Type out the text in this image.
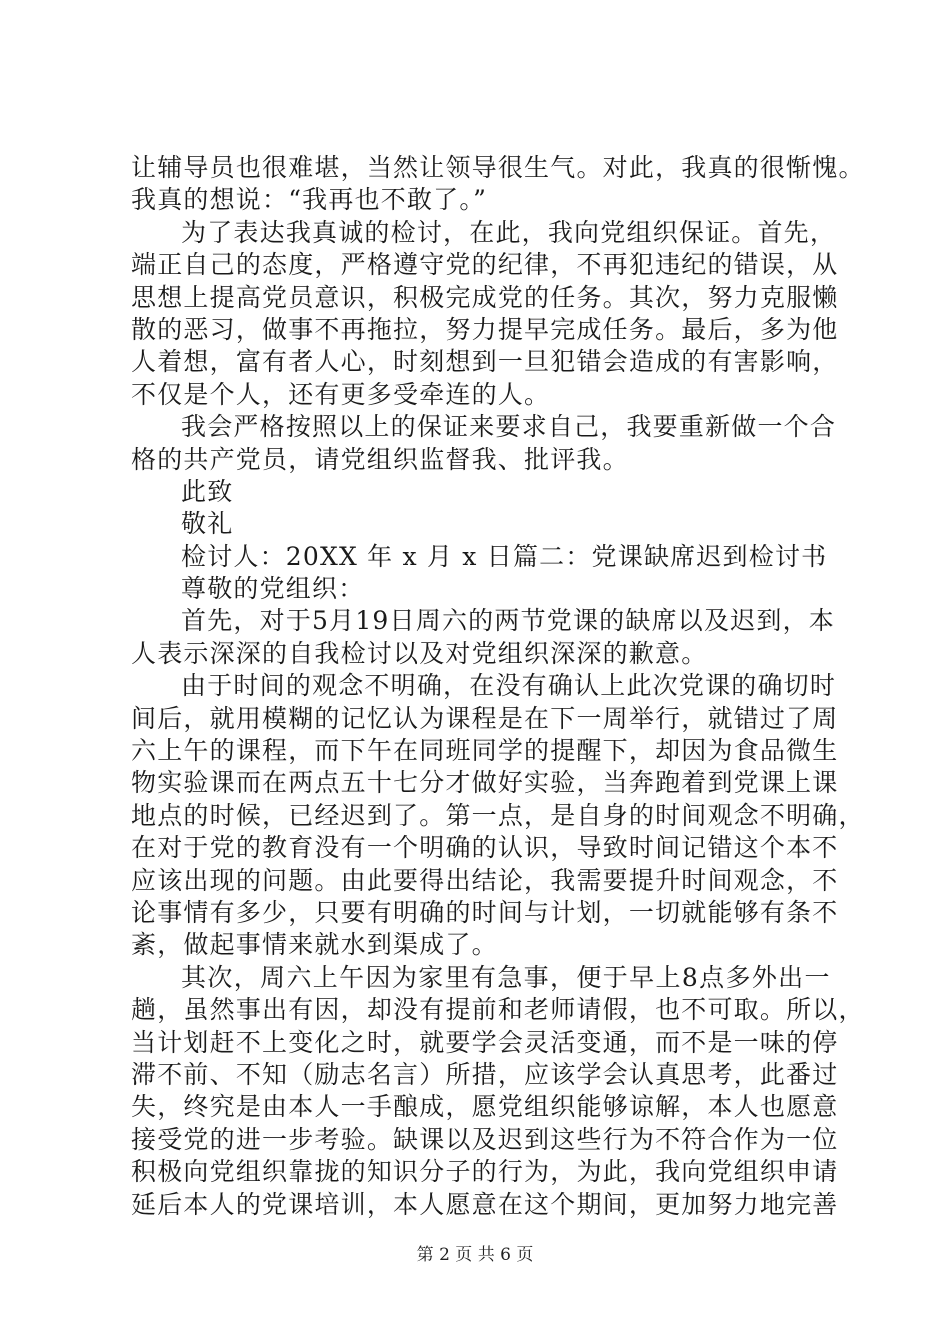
让 辅 导 员 也 很 难 堪 ， 当 然 让 领 导 很 生 气 。 对 此 ， 我 真 的 很 惭 愧 。
我真的想说：“我再也不敢了。”
为 了 表 达 我 真 诚 的 检 讨 ， 在 此 ， 我 向 党 组 织 保 证 。 首 先 ，
端 正 自 己 的 态 度 ， 严 格 遵 守 党 的 纪 律 ， 不 再 犯 违 纪 的 错 误 ， 从
思 想 上 提 高 党 员 意 识 ， 积 极 完 成 党 的 任 务 。 其 次 ， 努 力 克 服 懒
散 的 恶 习 ， 做 事 不 再 拖 拉 ， 努 力 提 早 完 成 任 务 。 最 后 ， 多 为 他
人 着 想 ， 富 有 者 人 心 ， 时 刻 想 到 一 旦 犯 错 会 造 成 的 有 害 影 响 ，
不仅是个人，还有更多受牵连的人。
我 会 严 格 按 照 以 上 的 保 证 来 要 求 自 己 ， 我 要 重 新 做 一 个 合
格的共产党员，请党组织监督我、批评我。
此致
敬礼
检讨人：20XX 年 x 月 x 日篇二：党课缺席迟到检讨书
尊敬的党组织：
首 先 ， 对 于 5 月 19 日 周 六 的 两 节 党 课 的 缺 席 以 及 迟 到 ， 本
人表示深深的自我检讨以及对党组织深深的歉意。
由 于 时 间 的 观 念 不 明 确 ， 在 没 有 确 认 上 此 次 党 课 的 确 切 时
间 后 ， 就 用 模 糊 的 记 忆 认 为 课 程 是 在 下 一 周 举 行 ， 就 错 过 了 周
六 上 午 的 课 程 ， 而 下 午 在 同 班 同 学 的 提 醒 下 ， 却 因 为 食 品 微 生
物 实 验 课 而 在 两 点 五 十 七 分 才 做 好 实 验 ， 当 奔 跑 着 到 党 课 上 课
地 点 的 时 候 ， 已 经 迟 到 了 。 第 一 点 ， 是 自 身 的 时 间 观 念 不 明 确 ，
在 对 于 党 的 教 育 没 有 一 个 明 确 的 认 识 ， 导 致 时 间 记 错 这 个 本 不
应 该 出 现 的 问 题 。 由 此 要 得 出 结 论 ， 我 需 要 提 升 时 间 观 念 ， 不
论 事 情 有 多 少 ， 只 要 有 明 确 的 时 间 与 计 划 ， 一 切 就 能 够 有 条 不
紊，做起事情来就水到渠成了。
其 次 ， 周 六 上 午 因 为 家 里 有 急 事 ， 便 于 早 上 8 点 多 外 出 一
趟 ， 虽 然 事 出 有 因 ， 却 没 有 提 前 和 老 师 请 假 ， 也 不 可 取 。 所 以 ，
当 计 划 赶 不 上 变 化 之 时 ， 就 要 学 会 灵 活 变 通 ， 而 不 是 一 味 的 停
滞 不 前 、 不 知 （ 励 志 名 言 ） 所 措 ， 应 该 学 会 认 真 思 考 ， 此 番 过
失 ， 终 究 是 由 本 人 一 手 酿 成 ， 愿 党 组 织 能 够 谅 解 ， 本 人 也 愿 意
接 受 党 的 进 一 步 考 验 。 缺 课 以 及 迟 到 这 些 行 为 不 符 合 作 为 一 位
积 极 向 党 组 织 靠 拢 的 知 识 分 子 的 行 为 ， 为 此 ， 我 向 党 组 织 申 请
延 后 本 人 的 党 课 培 训 ， 本 人 愿 意 在 这 个 期 间 ， 更 加 努 力 地 完 善
第 2 页 共 6 页
